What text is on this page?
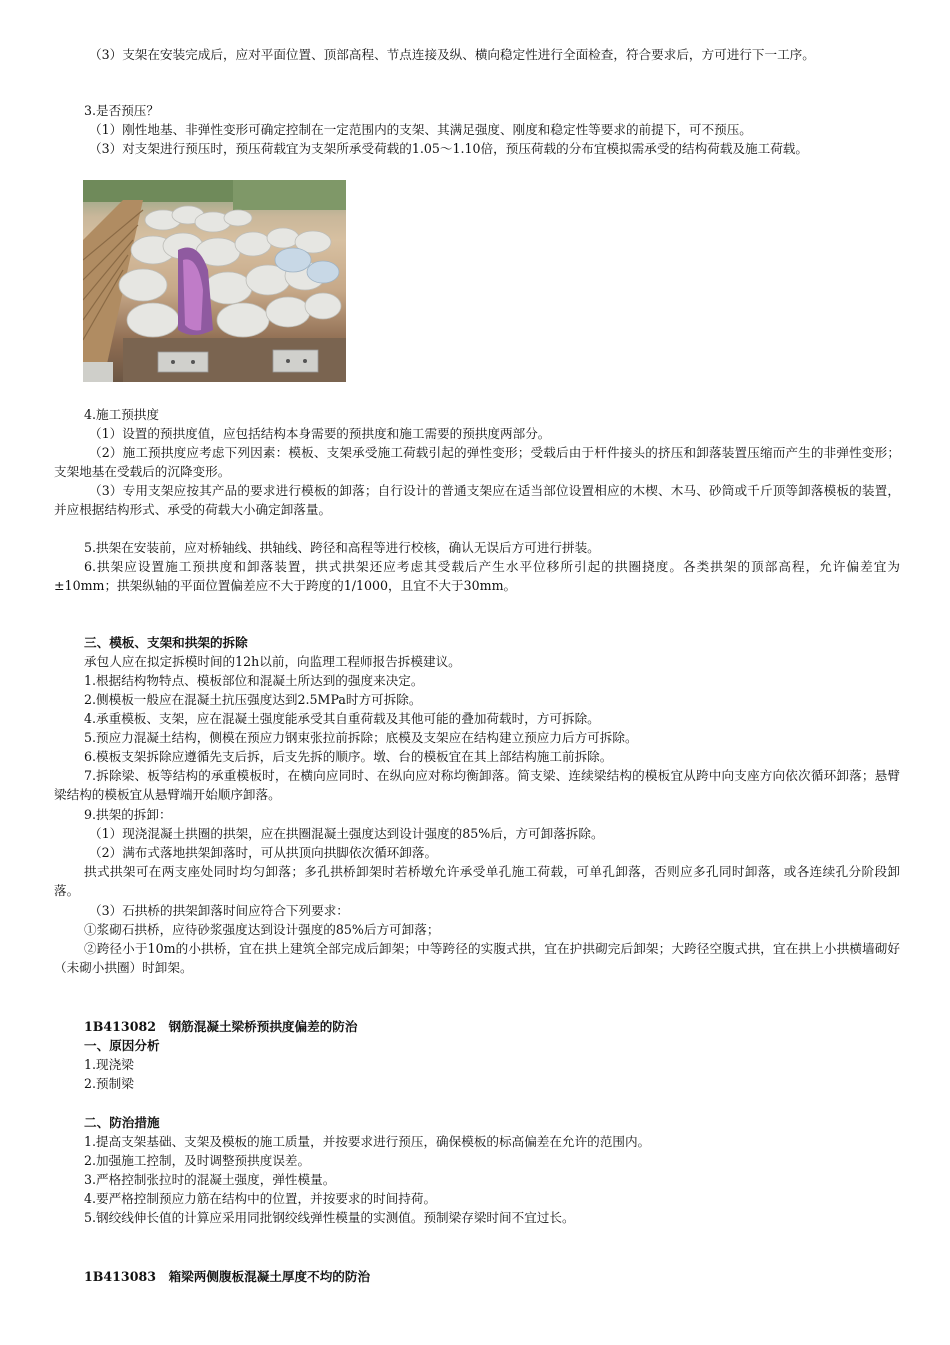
（3）支架在安装完成后，应对平面位置、顶部高程、节点连接及纵、横向稳定性进行全面检查，符合要求后，方可进行下一工序。
3.是否预压？
（1）刚性地基、非弹性变形可确定控制在一定范围内的支架、其满足强度、刚度和稳定性等要求的前提下，可不预压。
（3）对支架进行预压时，预压荷载宜为支架所承受荷载的1.05～1.10倍，预压荷载的分布宜模拟需承受的结构荷载及施工荷载。
4.施工预拱度
（1）设置的预拱度值，应包括结构本身需要的预拱度和施工需要的预拱度两部分。
（2）施工预拱度应考虑下列因素：模板、支架承受施工荷载引起的弹性变形；受载后由于杆件接头的挤压和卸落装置压缩而产生的非弹性变形；支架地基在受载后的沉降变形。
（3）专用支架应按其产品的要求进行模板的卸落；自行设计的普通支架应在适当部位设置相应的木楔、木马、砂筒或千斤顶等卸落模板的装置，并应根据结构形式、承受的荷载大小确定卸落量。
5.拱架在安装前，应对桥轴线、拱轴线、跨径和高程等进行校核，确认无误后方可进行拼装。
6.拱架应设置施工预拱度和卸落装置，拱式拱架还应考虑其受载后产生水平位移所引起的拱圈挠度。各类拱架的顶部高程，允许偏差宜为±10mm；拱架纵轴的平面位置偏差应不大于跨度的1/1000，且宜不大于30mm。
三、模板、支架和拱架的拆除
承包人应在拟定拆模时间的12h以前，向监理工程师报告拆模建议。
1.根据结构物特点、模板部位和混凝土所达到的强度来决定。
2.侧模板一般应在混凝土抗压强度达到2.5MPa时方可拆除。
4.承重模板、支架，应在混凝土强度能承受其自重荷载及其他可能的叠加荷载时，方可拆除。
5.预应力混凝土结构，侧模在预应力钢束张拉前拆除；底模及支架应在结构建立预应力后方可拆除。
6.模板支架拆除应遵循先支后拆，后支先拆的顺序。墩、台的模板宜在其上部结构施工前拆除。
7.拆除梁、板等结构的承重模板时，在横向应同时、在纵向应对称均衡卸落。简支梁、连续梁结构的模板宜从跨中向支座方向依次循环卸落；悬臂梁结构的模板宜从悬臂端开始顺序卸落。
9.拱架的拆卸：
（1）现浇混凝土拱圈的拱架，应在拱圈混凝土强度达到设计强度的85%后，方可卸落拆除。
（2）满布式落地拱架卸落时，可从拱顶向拱脚依次循环卸落。
拱式拱架可在两支座处同时均匀卸落；多孔拱桥卸架时若桥墩允许承受单孔施工荷载，可单孔卸落，否则应多孔同时卸落，或各连续孔分阶段卸落。
（3）石拱桥的拱架卸落时间应符合下列要求：
①浆砌石拱桥，应待砂浆强度达到设计强度的85%后方可卸落；
②跨径小于10m的小拱桥，宜在拱上建筑全部完成后卸架；中等跨径的实腹式拱，宜在护拱砌完后卸架；大跨径空腹式拱，宜在拱上小拱横墙砌好（未砌小拱圈）时卸架。
1B413082　钢筋混凝土梁桥预拱度偏差的防治
一、原因分析
1.现浇梁
2.预制梁
二、防治措施
1.提高支架基础、支架及模板的施工质量，并按要求进行预压，确保模板的标高偏差在允许的范围内。
2.加强施工控制，及时调整预拱度误差。
3.严格控制张拉时的混凝土强度，弹性模量。
4.要严格控制预应力筋在结构中的位置，并按要求的时间持荷。
5.钢绞线伸长值的计算应采用同批钢绞线弹性模量的实测值。预制梁存梁时间不宜过长。
1B413083　箱梁两侧腹板混凝土厚度不均的防治
